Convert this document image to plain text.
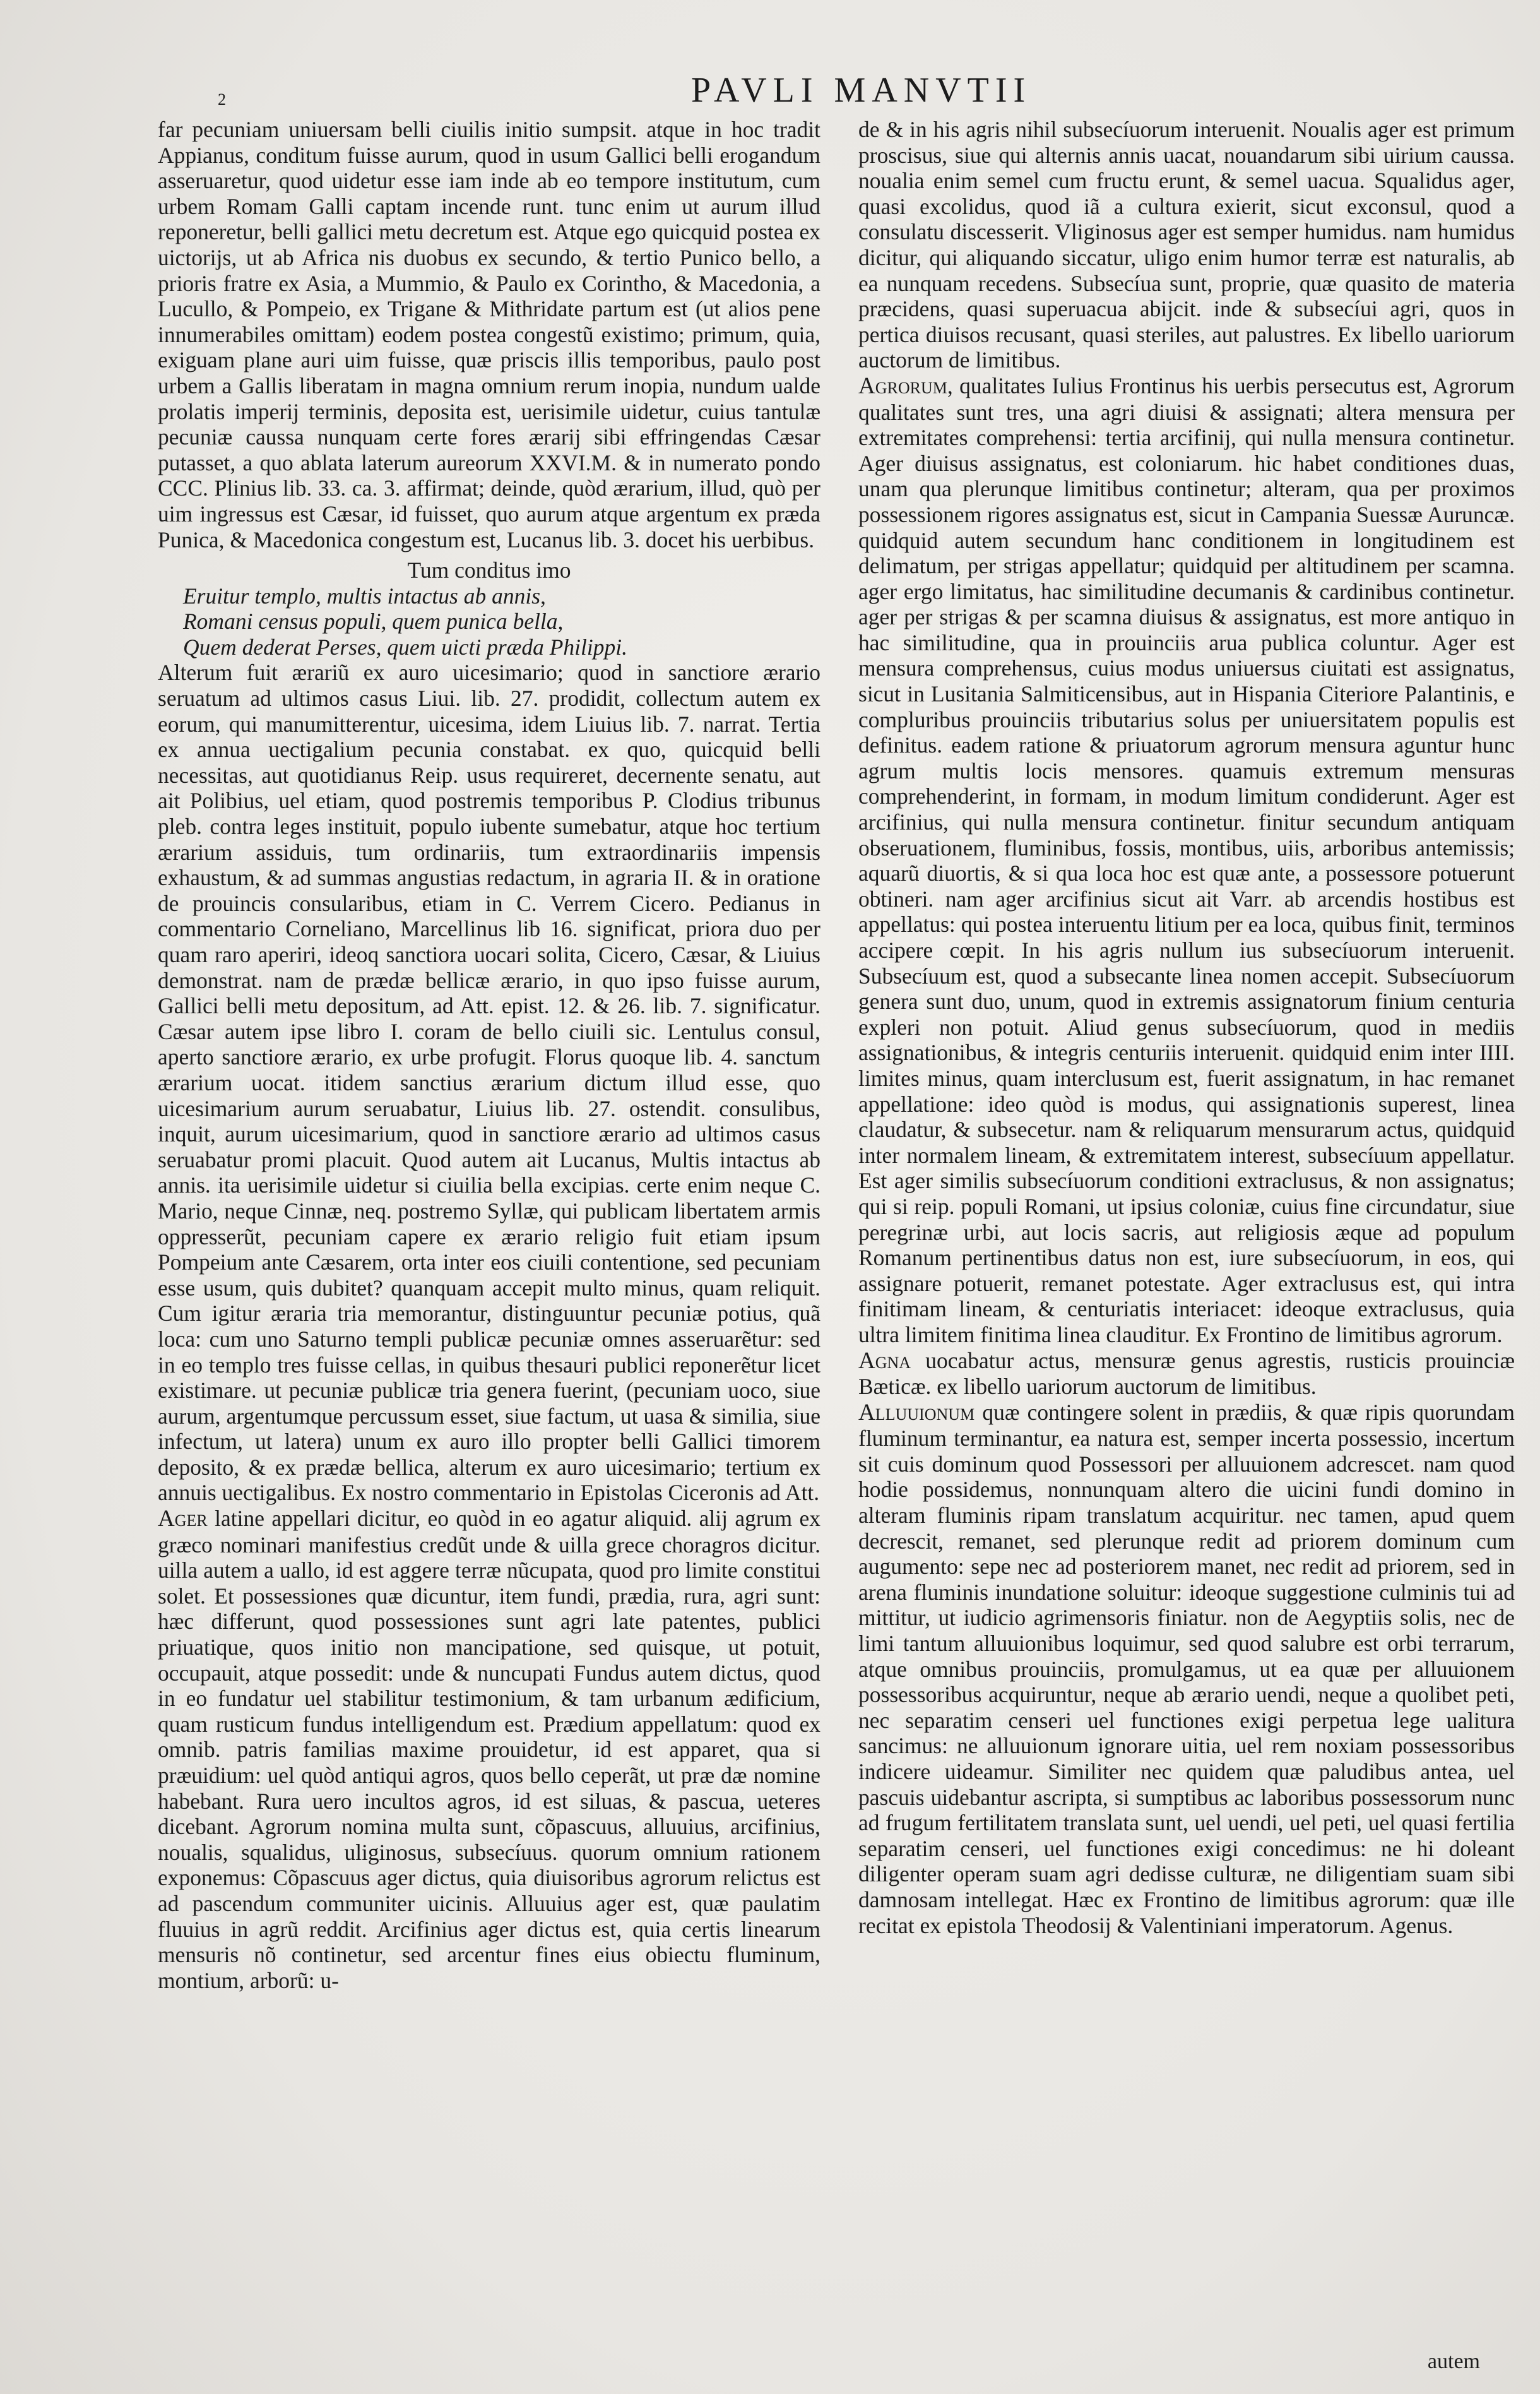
2	PAVLI MANVTII

far pecuniam uniuersam belli ciuilis initio sumpsit. atque in hoc tradit Appianus, conditum fuisse aurum, quod in usum Gallici belli erogandum asseruaretur, quod uidetur esse iam inde ab eo tempore institutum, cum urbem Romam Galli captam incende runt. tunc enim ut aurum illud reponeretur, belli gallici metu decretum est. Atque ego quicquid postea ex uictorijs, ut ab Africa nis duobus ex secundo, & tertio Punico bello, a prioris fratre ex Asia, a Mummio, & Paulo ex Corintho, & Macedonia, a Lucullo, & Pompeio, ex Trigane & Mithridate partum est (ut alios pene innumerabiles omittam) eodem postea congestũ existimo; primum, quia, exiguam plane auri uim fuisse, quæ priscis illis temporibus, paulo post urbem a Gallis liberatam in magna omnium rerum inopia, nundum ualde prolatis imperij terminis, deposita est, uerisimile uidetur, cuius tantulæ pecuniæ caussa nunquam certe fores ærarij sibi effringendas Cæsar putasset, a quo ablata laterum aureorum XXVI.M. & in numerato pondo CCC. Plinius lib. 33. ca. 3. affirmat; deinde, quòd ærarium, illud, quò per uim ingressus est Cæsar, id fuisset, quo aurum atque argentum ex præda Punica, & Macedonica congestum est, Lucanus lib. 3. docet his uerbibus.

Tum conditus imo
Eruitur templo, multis intactus ab annis,
Romani census populi, quem punica bella,
Quem dederat Perses, quem uicti præda Philippi.

Alterum fuit ærariũ ex auro uicesimario; quod in sanctiore ærario seruatum ad ultimos casus Liui. lib. 27. prodidit, collectum autem ex eorum, qui manumitterentur, uicesima, idem Liuius lib. 7. narrat. Tertia ex annua uectigalium pecunia constabat. ex quo, quicquid belli necessitas, aut quotidianus Reip. usus requireret, decernente senatu, aut ait Polibius, uel etiam, quod postremis temporibus P. Clodius tribunus pleb. contra leges instituit, populo iubente sumebatur, atque hoc tertium ærarium assiduis, tum ordinariis, tum extraordinariis impensis exhaustum, & ad summas angustias redactum, in agraria II. & in oratione de prouincis consularibus, etiam in C. Verrem Cicero. Pedianus in commentario Corneliano, Marcellinus lib 16. significat, priora duo per quam raro aperiri, ideoq sanctiora uocari solita, Cicero, Cæsar, & Liuius demonstrat. nam de prædæ bellicæ ærario, in quo ipso fuisse aurum, Gallici belli metu depositum, ad Att. epist. 12. & 26. lib. 7. significatur. Cæsar autem ipse libro I. coram de bello ciuili sic. Lentulus consul, aperto sanctiore ærario, ex urbe profugit. Florus quoque lib. 4. sanctum ærarium uocat. itidem sanctius ærarium dictum illud esse, quo uicesimarium aurum seruabatur, Liuius lib. 27. ostendit. consulibus, inquit, aurum uicesimarium, quod in sanctiore ærario ad ultimos casus seruabatur promi placuit. Quod autem ait Lucanus, Multis intactus ab annis. ita uerisimile uidetur si ciuilia bella excipias. certe enim neque C. Mario, neque Cinnæ, neq. postremo Syllæ, qui publicam libertatem armis oppresserũt, pecuniam capere ex ærario religio fuit etiam ipsum Pompeium ante Cæsarem, orta inter eos ciuili contentione, sed pecuniam esse usum, quis dubitet? quanquam accepit multo minus, quam reliquit. Cum igitur æraria tria memorantur, distinguuntur pecuniæ potius, quã loca: cum uno Saturno templi publicæ pecuniæ omnes asseruarẽtur: sed in eo templo tres fuisse cellas, in quibus thesauri publici reponerẽtur licet existimare. ut pecuniæ publicæ tria genera fuerint, (pecuniam uoco, siue aurum, argentumque percussum esset, siue factum, ut uasa & similia, siue infectum, ut latera) unum ex auro illo propter belli Gallici timorem deposito, & ex prædæ bellica, alterum ex auro uicesimario; tertium ex annuis uectigalibus. Ex nostro commentario in Epistolas Ciceronis ad Att.

Ager latine appellari dicitur, eo quòd in eo agatur aliquid. alij agrum ex græco nominari manifestius credũt unde & uilla grece choragros dicitur. uilla autem a uallo, id est aggere terræ nũcupata, quod pro limite constitui solet. Et possessiones quæ dicuntur, item fundi, prædia, rura, agri sunt: hæc differunt, quod possessiones sunt agri late patentes, publici priuatique, quos initio non mancipatione, sed quisque, ut potuit, occupauit, atque possedit: unde & nuncupati Fundus autem dictus, quod in eo fundatur uel stabilitur testimonium, & tam urbanum ædificium, quam rusticum fundus intelligendum est. Prædium appellatum: quod ex omnib. patris familias maxime prouidetur, id est apparet, qua si præuidium: uel quòd antiqui agros, quos bello ceperãt, ut præ dæ nomine habebant. Rura uero incultos agros, id est siluas, & pascua, ueteres dicebant. Agrorum nomina multa sunt, cõpascuus, alluuius, arcifinius, noualis, squalidus, uliginosus, subsecíuus. quorum omnium rationem exponemus: Cõpascuus ager dictus, quia diuisoribus agrorum relictus est ad pascendum communiter uicinis. Alluuius ager est, quæ paulatim fluuius in agrũ reddit. Arcifinius ager dictus est, quia certis linearum mensuris nõ continetur, sed arcentur fines eius obiectu fluminum, montium, arborũ: u-

de & in his agris nihil subsecíuorum interuenit. Noualis ager est primum proscisus, siue qui alternis annis uacat, nouandarum sibi uirium caussa. noualia enim semel cum fructu erunt, & semel uacua. Squalidus ager, quasi excolidus, quod iã a cultura exierit, sicut exconsul, quod a consulatu discesserit. Vliginosus ager est semper humidus. nam humidus dicitur, qui aliquando siccatur, uligo enim humor terræ est naturalis, ab ea nunquam recedens. Subsecíua sunt, proprie, quæ quasito de materia præcidens, quasi superuacua abijcit. inde & subsecíui agri, quos in pertica diuisos recusant, quasi steriles, aut palustres. Ex libello uariorum auctorum de limitibus.

Agrorum, qualitates Iulius Frontinus his uerbis persecutus est, Agrorum qualitates sunt tres, una agri diuisi & assignati; altera mensura per extremitates comprehensi: tertia arcifinij, qui nulla mensura continetur. Ager diuisus assignatus, est coloniarum. hic habet conditiones duas, unam qua plerunque limitibus continetur; alteram, qua per proximos possessionem rigores assignatus est, sicut in Campania Suessæ Auruncæ. quidquid autem secundum hanc conditionem in longitudinem est delimatum, per strigas appellatur; quidquid per altitudinem per scamna. ager ergo limitatus, hac similitudine decumanis & cardinibus continetur. ager per strigas & per scamna diuisus & assignatus, est more antiquo in hac similitudine, qua in prouinciis arua publica coluntur. Ager est mensura comprehensus, cuius modus uniuersus ciuitati est assignatus, sicut in Lusitania Salmiticensibus, aut in Hispania Citeriore Palantinis, e compluribus prouinciis tributarius solus per uniuersitatem populis est definitus. eadem ratione & priuatorum agrorum mensura aguntur hunc agrum multis locis mensores. quamuis extremum mensuras comprehenderint, in formam, in modum limitum condiderunt. Ager est arcifinius, qui nulla mensura continetur. finitur secundum antiquam obseruationem, fluminibus, fossis, montibus, uiis, arboribus antemissis; aquarũ diuortis, & si qua loca hoc est quæ ante, a possessore potuerunt obtineri. nam ager arcifinius sicut ait Varr. ab arcendis hostibus est appellatus: qui postea interuentu litium per ea loca, quibus finit, terminos accipere cœpit. In his agris nullum ius subsecíuorum interuenit. Subsecíuum est, quod a subsecante linea nomen accepit. Subsecíuorum genera sunt duo, unum, quod in extremis assignatorum finium centuria expleri non potuit. Aliud genus subsecíuorum, quod in mediis assignationibus, & integris centuriis interuenit. quidquid enim inter IIII. limites minus, quam interclusum est, fuerit assignatum, in hac remanet appellatione: ideo quòd is modus, qui assignationis superest, linea claudatur, & subsecetur. nam & reliquarum mensurarum actus, quidquid inter normalem lineam, & extremitatem interest, subsecíuum appellatur. Est ager similis subsecíuorum conditioni extraclusus, & non assignatus; qui si reip. populi Romani, ut ipsius coloniæ, cuius fine circundatur, siue peregrinæ urbi, aut locis sacris, aut religiosis æque ad populum Romanum pertinentibus datus non est, iure subsecíuorum, in eos, qui assignare potuerit, remanet potestate. Ager extraclusus est, qui intra finitimam lineam, & centuriatis interiacet: ideoque extraclusus, quia ultra limitem finitima linea clauditur. Ex Frontino de limitibus agrorum.

Agna uocabatur actus, mensuræ genus agrestis, rusticis prouinciæ Bæticæ. ex libello uariorum auctorum de limitibus.

Alluuionum quæ contingere solent in prædiis, & quæ ripis quorundam fluminum terminantur, ea natura est, semper incerta possessio, incertum sit cuis dominum quod Possessori per alluuionem adcrescet. nam quod hodie possidemus, nonnunquam altero die uicini fundi domino in alteram fluminis ripam translatum acquiritur. nec tamen, apud quem decrescit, remanet, sed plerunque redit ad priorem dominum cum augumento: sepe nec ad posteriorem manet, nec redit ad priorem, sed in arena fluminis inundatione soluitur: ideoque suggestione culminis tui ad mittitur, ut iudicio agrimensoris finiatur. non de Aegyptiis solis, nec de limi tantum alluuionibus loquimur, sed quod salubre est orbi terrarum, atque omnibus prouinciis, promulgamus, ut ea quæ per alluuionem possessoribus acquiruntur, neque ab ærario uendi, neque a quolibet peti, nec separatim censeri uel functiones exigi perpetua lege ualitura sancimus: ne alluuionum ignorare uitia, uel rem noxiam possessoribus indicere uideamur. Similiter nec quidem quæ paludibus antea, uel pascuis uidebantur ascripta, si sumptibus ac laboribus possessorum nunc ad frugum fertilitatem translata sunt, uel uendi, uel peti, uel quasi fertilia separatim censeri, uel functiones exigi concedimus: ne hi doleant diligenter operam suam agri dedisse culturæ, ne diligentiam suam sibi damnosam intellegat. Hæc ex Frontino de limitibus agrorum: quæ ille recitat ex epistola Theodosij & Valentiniani imperatorum. Agenus.

autem
